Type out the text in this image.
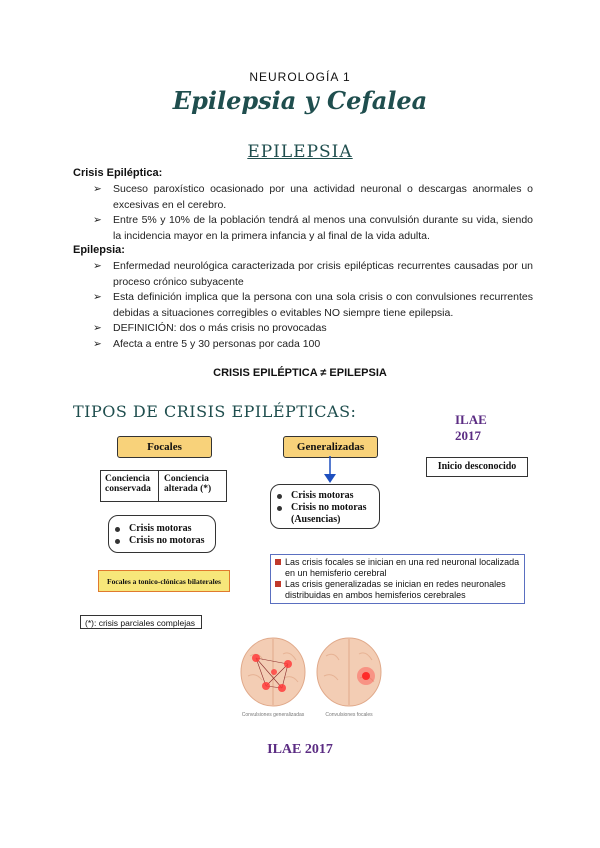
NEUROLOGÍA 1
Epilepsia y Cefalea
EPILEPSIA
Crisis Epiléptica:
➢ Suceso paroxístico ocasionado por una actividad neuronal o descargas anormales o excesivas en el cerebro.
➢ Entre 5% y 10% de la población tendrá al menos una convulsión durante su vida, siendo la incidencia mayor en la primera infancia y al final de la vida adulta.
Epilepsia:
➢ Enfermedad neurológica caracterizada por crisis epilépticas recurrentes causadas por un proceso crónico subyacente
➢ Esta definición implica que la persona con una sola crisis o con convulsiones recurrentes debidas a situaciones corregibles o evitables NO siempre tiene epilepsia.
➢ DEFINICIÓN: dos o más crisis no provocadas
➢ Afecta a entre 5 y 30 personas por cada 100
CRISIS EPILÉPTICA ≠ EPILEPSIA
TIPOS DE CRISIS EPILÉPTICAS:	ILAE 2017
Focales	Generalizadas
Inicio desconocido
Conciencia conservada
Conciencia alterada (*)
Crisis motoras
Crisis no motoras (Ausencias)
Crisis motoras
Crisis no motoras
Las crisis focales se inician en una red neuronal localizada en un hemisferio cerebral
Las crisis generalizadas se inician en redes neuronales distribuidas en ambos hemisferios cerebrales
Focales a tonico-clónicas bilaterales
(*): crisis parciales complejas
Convulsiones generalizadas	Convulsiones focales
ILAE 2017
